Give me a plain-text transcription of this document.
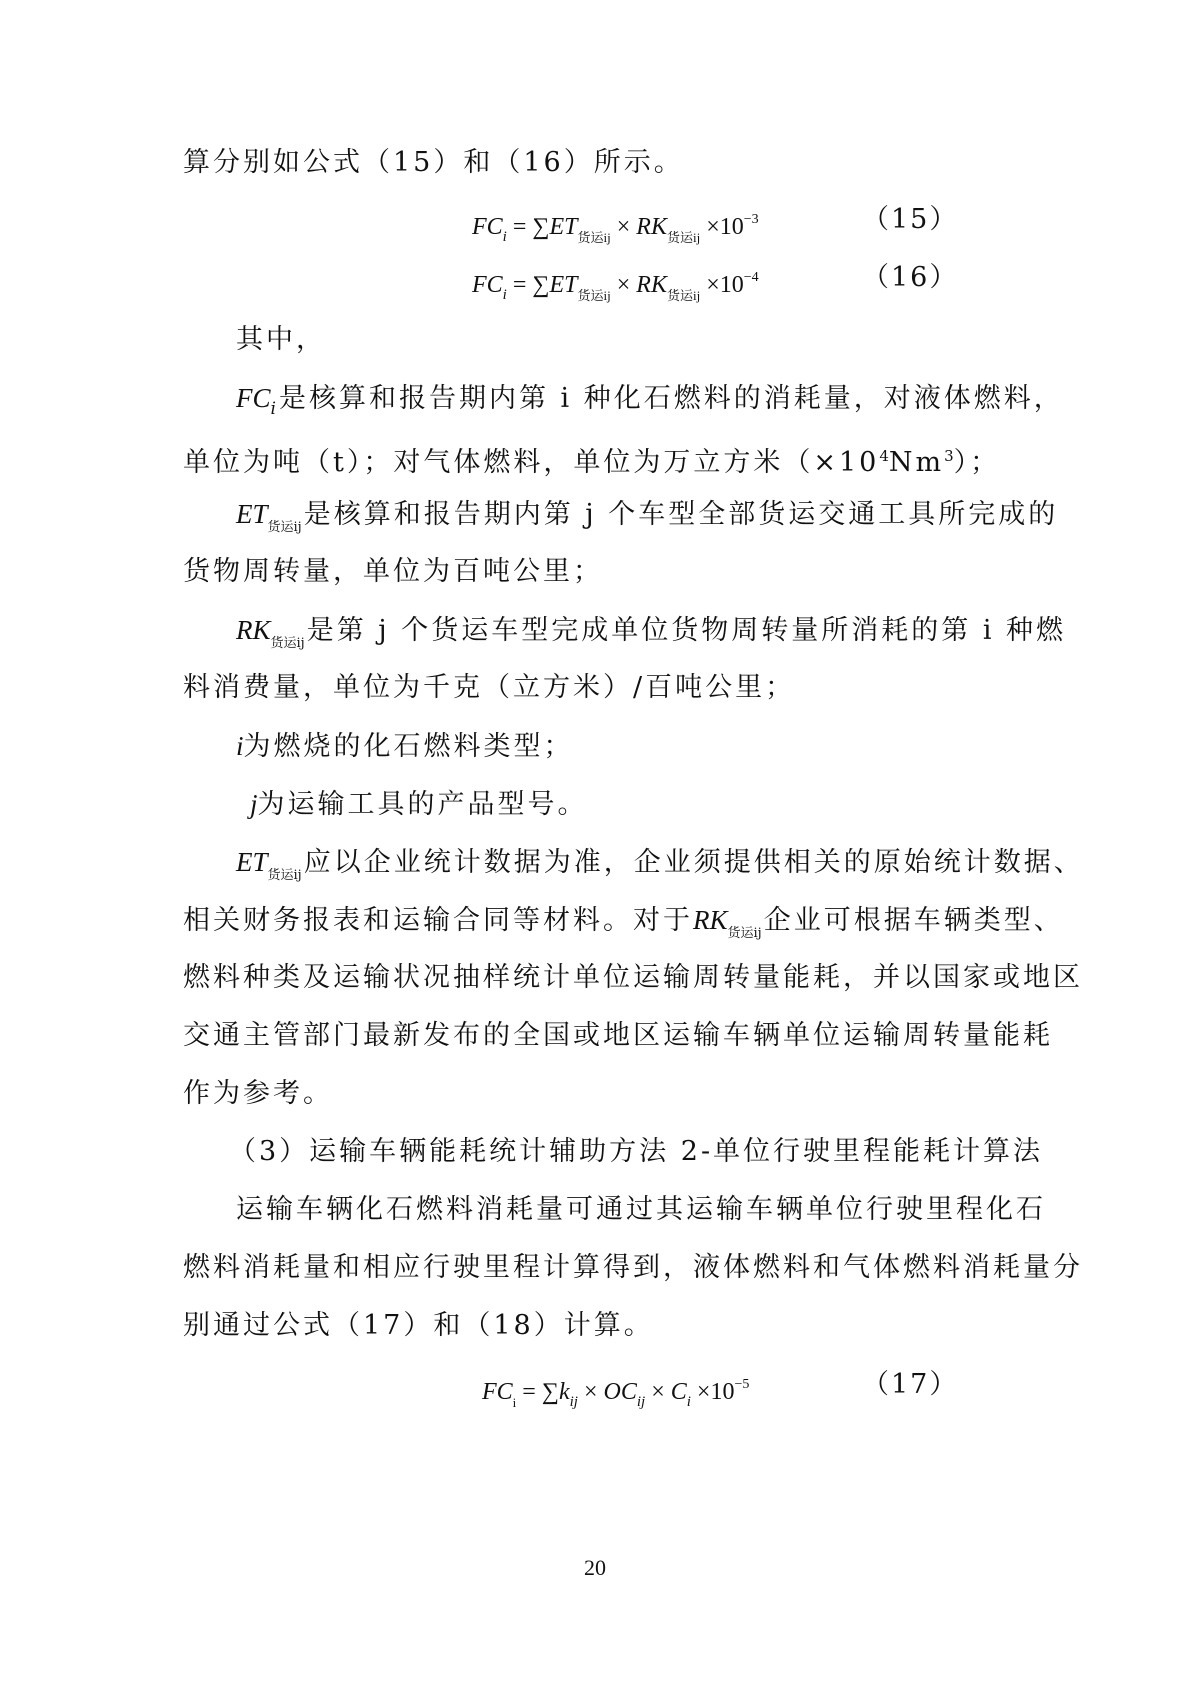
算分别如公式（15）和（16）所示。
$FC_i = \sum ET_{货运ij} \times RK_{货运ij} \times 10^{-3}$	（15）
$FC_i = \sum ET_{货运ij} \times RK_{货运ij} \times 10^{-4}$	（16）
其中，
$FC_i$ 是核算和报告期内第 i 种化石燃料的消耗量，对液体燃料，
单位为吨（t）；对气体燃料，单位为万立方米$(\times 10^4Nm^3)$；
$ET_{货运ij}$是核算和报告期内第 j 个车型全部货运交通工具所完成的
货物周转量，单位为百吨公里；
$RK_{货运ij}$是第 j 个货运车型完成单位货物周转量所消耗的第 i 种燃
料消费量，单位为千克（立方米）/百吨公里；
i为燃烧的化石燃料类型；
j为运输工具的产品型号。
$ET_{货运ij}$应以企业统计数据为准，企业须提供相关的原始统计数据、
相关财务报表和运输合同等材料。对于$RK_{货运ij}$企业可根据车辆类型、
燃料种类及运输状况抽样统计单位运输周转量能耗，并以国家或地区
交通主管部门最新发布的全国或地区运输车辆单位运输周转量能耗
作为参考。
（3）运输车辆能耗统计辅助方法 2-单位行驶里程能耗计算法
运输车辆化石燃料消耗量可通过其运输车辆单位行驶里程化石
燃料消耗量和相应行驶里程计算得到，液体燃料和气体燃料消耗量分
别通过公式（17）和（18）计算。
$FC_i = \sum k_{ij} \times OC_{ij} \times C_i \times 10^{-5}$	（17）
20
